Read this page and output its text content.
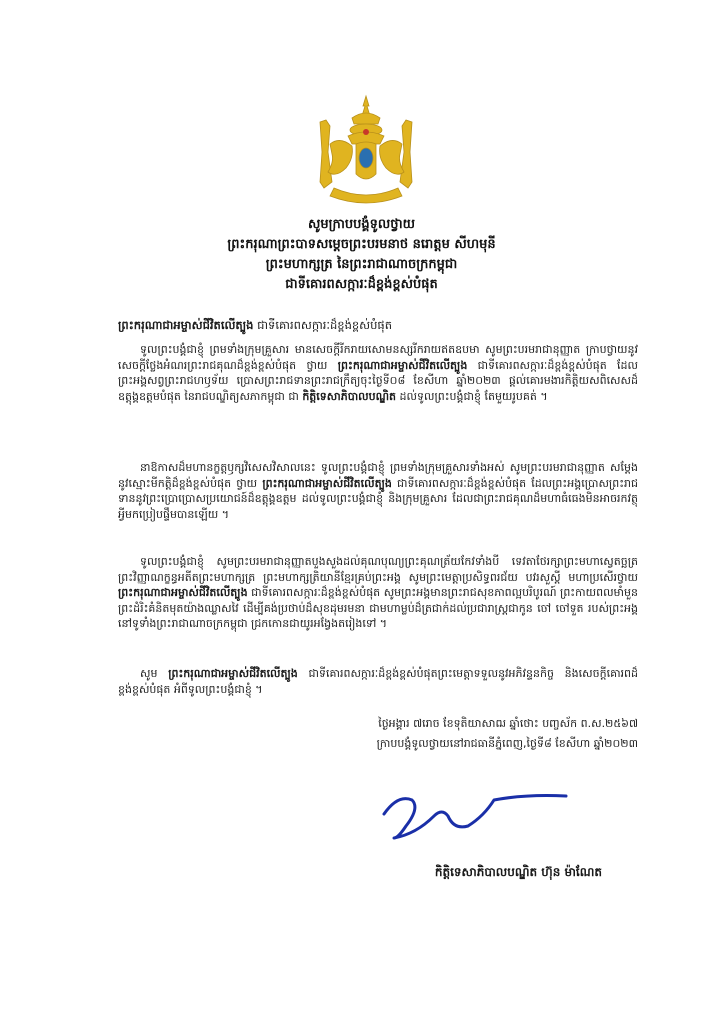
សូមក្រាបបង្គំទូលថ្វាយ
ព្រះករុណាព្រះបាទសម្តេចព្រះបរមនាថ នរោត្តម សីហមុនី
ព្រះមហាក្សត្រ នៃព្រះរាជាណាចក្រកម្ពុជា
ជាទីគោរពសក្ការៈដ៏ខ្ពង់ខ្ពស់បំផុត
ព្រះករុណាជាអម្ចាស់ជីវិតលើត្បូង ជាទីគោរពសក្ការៈដ៏ខ្ពង់ខ្ពស់បំផុត

ទូលព្រះបង្គំជាខ្ញុំ ព្រមទាំងក្រុមគ្រួសារ មានសេចក្តីរីករាយសោមនស្សរីករាយឥតឧបមា សូមព្រះបរមរាជានុញ្ញាត ក្រាបថ្វាយនូវសេចក្តីថ្លែងអំណរព្រះរាជគុណដ៏ខ្ពង់ខ្ពស់បំផុត ថ្វាយ ព្រះករុណាជាអម្ចាស់ជីវិតលើត្បូង ជាទីគោរពសក្ការៈដ៏ខ្ពង់ខ្ពស់បំផុត ដែលព្រះអង្គសព្វព្រះរាជហឫទ័យ ប្រោសព្រះរាជទានព្រះរាជក្រឹត្យចុះថ្ងៃទី០៨ ខែសីហា ឆ្នាំ២០២៣ ផ្តល់គោរមងារកិត្តិយសពិសេសដ៏ឧត្តុង្គឧត្តមបំផុត នៃរាជបណ្ឌិត្យសភាកម្ពុជា ជា កិត្តិទេសាភិបាលបណ្ឌិត ដល់ទូលព្រះបង្គំជាខ្ញុំ តែមួយរូបគត់ ។

នាឱកាសដ៏មហានក្ខត្តឫក្សវិសេសវិសាលនេះ ទូលព្រះបង្គំជាខ្ញុំ ព្រមទាំងក្រុមគ្រួសារទាំងអស់ សូមព្រះបរមរាជានុញ្ញាត សម្តែងនូវស្មោះមីកត្តិដ៏ខ្ពង់ខ្ពស់បំផុត ថ្វាយ ព្រះករុណាជាអម្ចាស់ជីវិតលើត្បូង ជាទីគោរពសក្ការៈដ៏ខ្ពង់ខ្ពស់បំផុត ដែលព្រះអង្គប្រោសព្រះរាជទាននូវព្រះប្រោប្រោសប្រយោជន៍ដ៏ឧត្តុង្គឧត្តម ដល់ទូលព្រះបង្គំជាខ្ញុំ និងក្រុមគ្រួសារ ដែលជាព្រះរាជគុណដ៏មហាធំធេងមិនអាចរកវត្ថុអ្វីមកប្រៀបផ្ទឹមបានឡើយ ។

ទូលព្រះបង្គំជាខ្ញុំ សូមព្រះបរមរាជានុញ្ញាតបួងសួងដល់គុណបុណ្យព្រះគុណត្រ័យកែវទាំងបី ទេវតាថែរក្សាព្រះមហាស្វេតច្ឆត្រ ព្រះវិញ្ញាណក្ខន្ធអតីតព្រះមហាក្សត្រ ព្រះមហាក្សត្រិយានីខ្មែរគ្រប់ព្រះអង្គ សូមព្រះមេត្តាប្រសិទ្ធពរជ័យ បវរសួស្តី មហាប្រសើរថ្វាយ ព្រះករុណាជាអម្ចាស់ជីវិតលើត្បូង ជាទីគោរពសក្ការៈដ៏ខ្ពង់ខ្ពស់បំផុត សូមព្រះអង្គមានព្រះរាជសុខភាពល្អបរិបូរណ៍ ព្រះកាយពលមាំមួន ព្រះដំរិះគំនិតមុតយ៉ាងឈ្លាសវៃ ដើម្បីគង់ប្រថាប់ដ៏សុខដុមរមនា ជាមហាម្លប់ដ៏ត្រជាក់ដល់ប្រជារាស្ត្រជាកូន ចៅ ចៅទួត របស់ព្រះអង្គនៅទូទាំងព្រះរាជាណាចក្រកម្ពុជា ជ្រកកោនជាយូរអង្វែងតរៀងទៅ ។

សូម ព្រះករុណាជាអម្ចាស់ជីវិតលើត្បូង ជាទីគោរពសក្ការៈដ៏ខ្ពង់ខ្ពស់បំផុតព្រះមេត្តាទទួលនូវអភិវន្ទនកិច្ច និងសេចក្តីគោរពដ៏ខ្ពង់ខ្ពស់បំផុត អំពីទូលព្រះបង្គំជាខ្ញុំ ។

ថ្ងៃអង្គារ ៧រោច ខែទុតិយាសាឍ ឆ្នាំថោះ បញ្ចស័ក ព.ស.២៥៦៧
ក្រាបបង្គំទូលថ្វាយនៅរាជធានីភ្នំពេញ,ថ្ងៃទី៨ ខែសីហា ឆ្នាំ២០២៣
កិត្តិទេសាភិបាលបណ្ឌិត ហ៊ុន ម៉ាណែត
